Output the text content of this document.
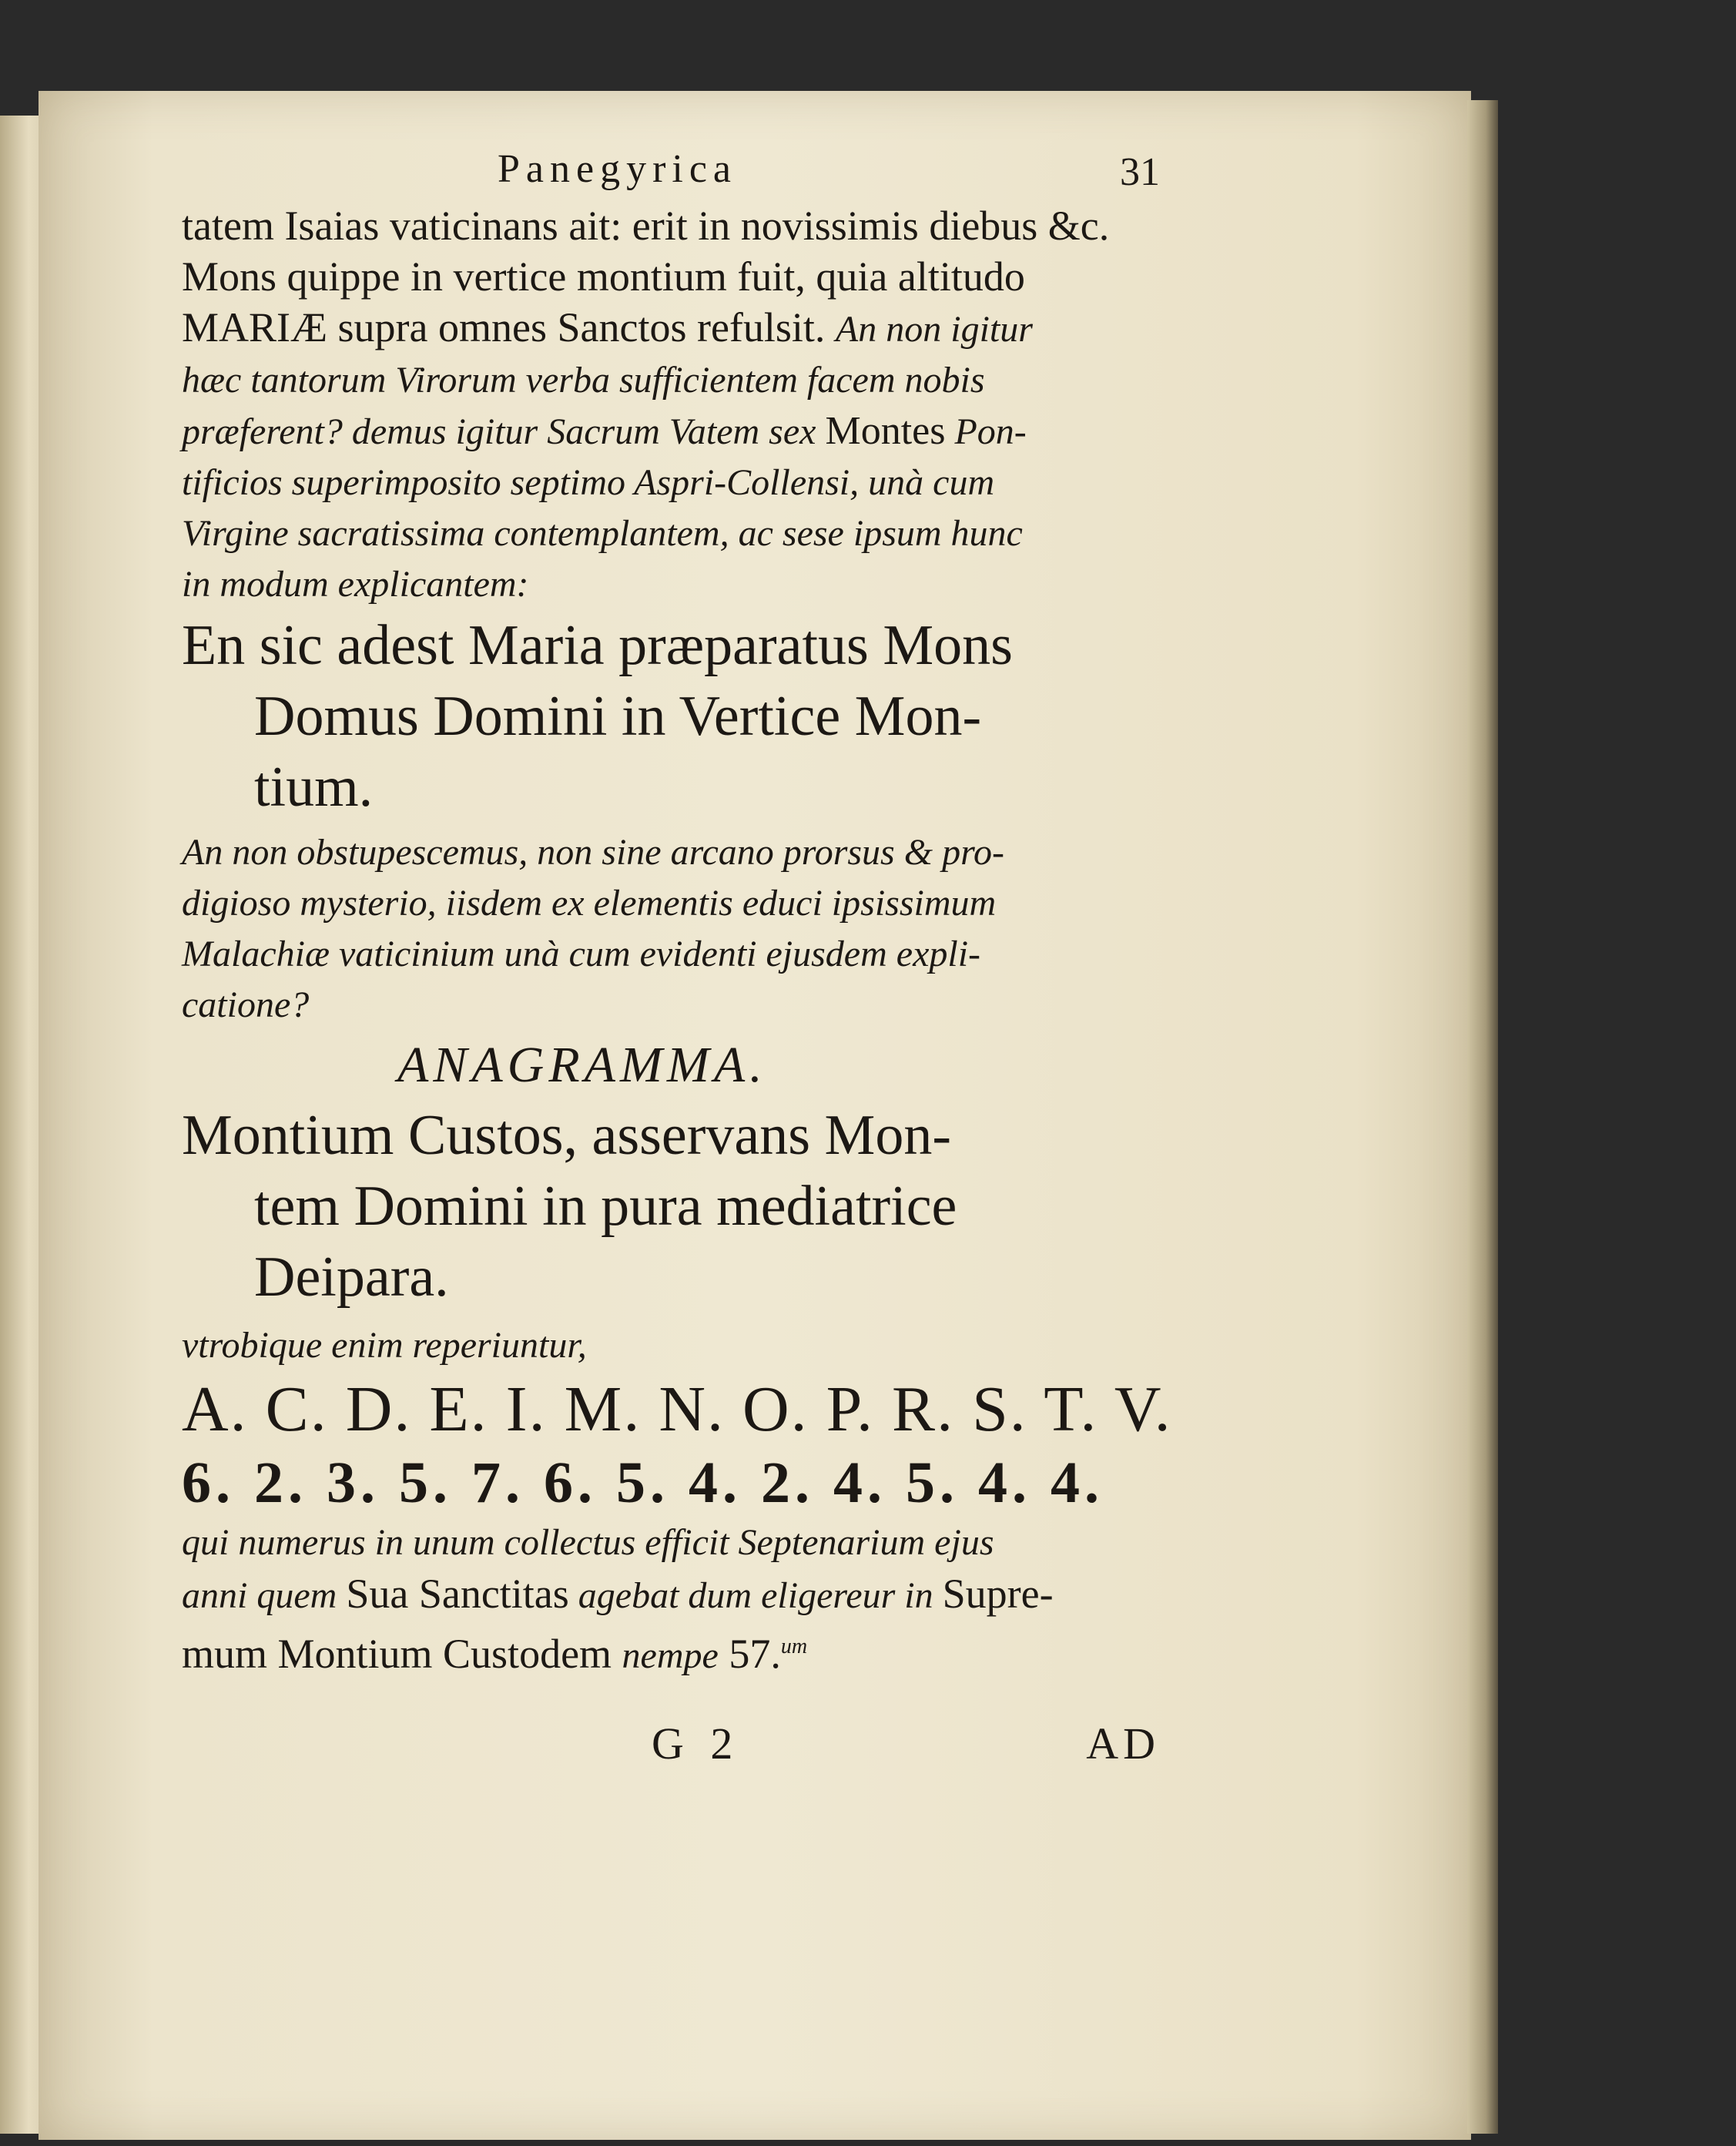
Panegyrica	31
tatem Isaias vaticinans ait: erit in novissimis diebus &c.
Mons quippe in vertice montium fuit, quia altitudo
MARIÆ supra omnes Sanctos refulsit. An non igitur
hæc tantorum Virorum verba sufficientem facem nobis
præferent? demus igitur Sacrum Vatem sex Montes Pon-
tificios superimposito septimo Aspri-Collensi, unà cum
Virgine sacratissima contemplantem, ac sese ipsum hunc
in modum explicantem:
En sic adest Maria præparatus Mons
Domus Domini in Vertice Mon-
tium.
An non obstupescemus, non sine arcano prorsus & pro-
digioso mysterio, iisdem ex elementis educi ipsissimum
Malachiæ vaticinium unà cum evidenti ejusdem expli-
catione?
ANAGRAMMA.
Montium Custos, asservans Mon-
tem Domini in pura mediatrice
Deipara.
vtrobique enim reperiuntur,
A. C. D. E. I. M. N. O. P. R. S. T. V.
6. 2. 3. 5. 7. 6. 5. 4. 2. 4. 5. 4. 4.
qui numerus in unum collectus efficit Septenarium ejus
anni quem Sua Sanctitas agebat dum eligereur in Supre-
mum Montium Custodem nempe 57.$^{um}$
G 2	AD
